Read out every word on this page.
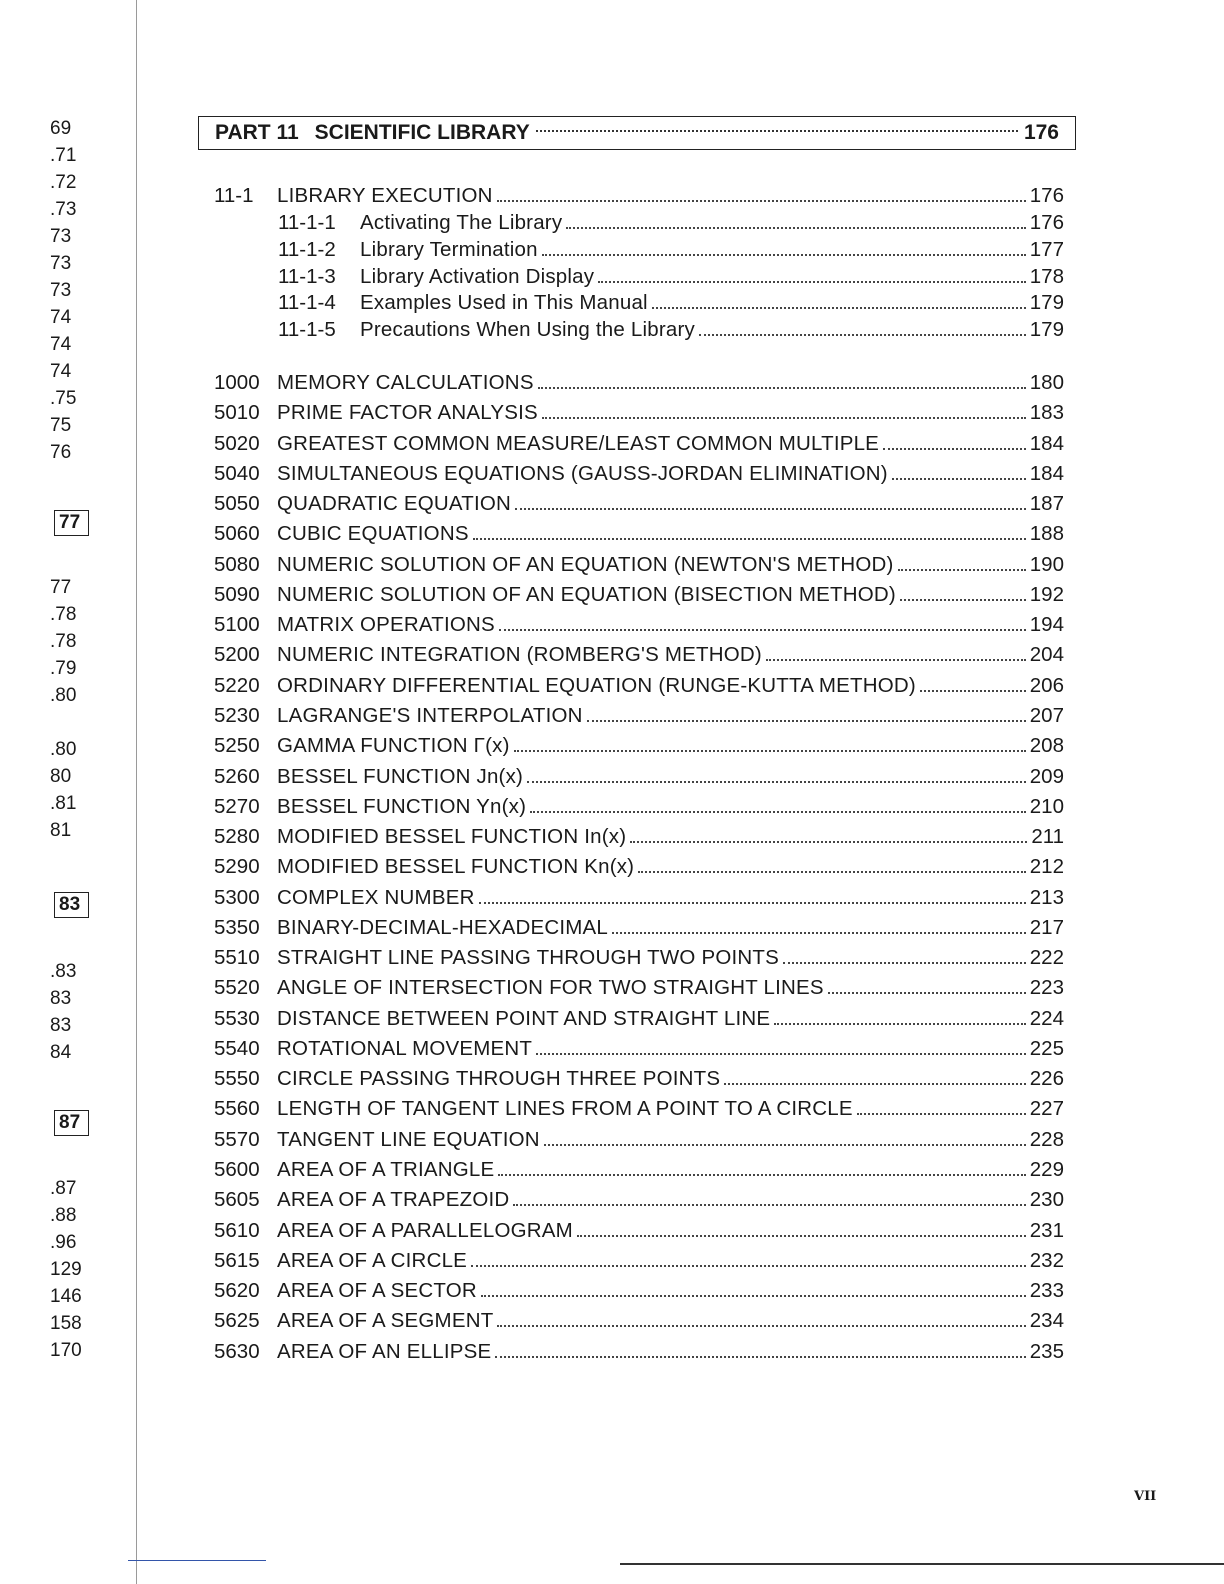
69
.71
.72
.73
73
73
73
74
74
74
.75
75
76
77
77
.78
.78
.79
.80
.80
80
.81
81
83
.83
83
83
84
87
.87
.88
.96
129
146
158
170
PART 11 SCIENTIFIC LIBRARY	176
11-1	LIBRARY EXECUTION	176
11-1-1	Activating The Library	176
11-1-2	Library Termination	177
11-1-3	Library Activation Display	178
11-1-4	Examples Used in This Manual	179
11-1-5	Precautions When Using the Library	179
1000 MEMORY CALCULATIONS	180
5010 PRIME FACTOR ANALYSIS	183
5020 GREATEST COMMON MEASURE/LEAST COMMON MULTIPLE	184
5040 SIMULTANEOUS EQUATIONS (GAUSS-JORDAN ELIMINATION)	184
5050 QUADRATIC EQUATION	187
5060 CUBIC EQUATIONS	188
5080 NUMERIC SOLUTION OF AN EQUATION (NEWTON'S METHOD)	190
5090 NUMERIC SOLUTION OF AN EQUATION (BISECTION METHOD)	192
5100 MATRIX OPERATIONS	194
5200 NUMERIC INTEGRATION (ROMBERG'S METHOD)	204
5220 ORDINARY DIFFERENTIAL EQUATION (RUNGE-KUTTA METHOD)	206
5230 LAGRANGE'S INTERPOLATION	207
5250 GAMMA FUNCTION Γ(x)	208
5260 BESSEL FUNCTION Jn(x)	209
5270 BESSEL FUNCTION Yn(x)	210
5280 MODIFIED BESSEL FUNCTION In(x)	211
5290 MODIFIED BESSEL FUNCTION Kn(x)	212
5300 COMPLEX NUMBER	213
5350 BINARY-DECIMAL-HEXADECIMAL	217
5510 STRAIGHT LINE PASSING THROUGH TWO POINTS	222
5520 ANGLE OF INTERSECTION FOR TWO STRAIGHT LINES	223
5530 DISTANCE BETWEEN POINT AND STRAIGHT LINE	224
5540 ROTATIONAL MOVEMENT	225
5550 CIRCLE PASSING THROUGH THREE POINTS	226
5560 LENGTH OF TANGENT LINES FROM A POINT TO A CIRCLE	227
5570 TANGENT LINE EQUATION	228
5600 AREA OF A TRIANGLE	229
5605 AREA OF A TRAPEZOID	230
5610 AREA OF A PARALLELOGRAM	231
5615 AREA OF A CIRCLE	232
5620 AREA OF A SECTOR	233
5625 AREA OF A SEGMENT	234
5630 AREA OF AN ELLIPSE	235
VII
